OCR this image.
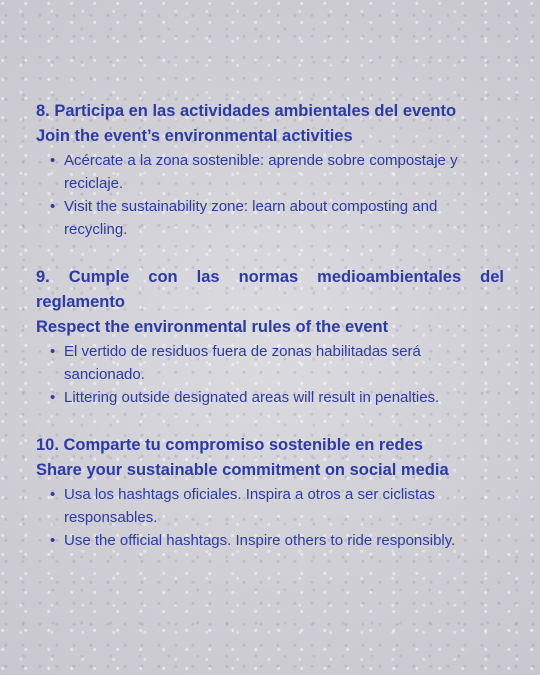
8. Participa en las actividades ambientales del evento

Join the event’s environmental activities

• Acércate a la zona sostenible: aprende sobre compostaje y reciclaje.
• Visit the sustainability zone: learn about composting and recycling.

9. Cumple con las normas medioambientales del reglamento

Respect the environmental rules of the event

• El vertido de residuos fuera de zonas habilitadas será sancionado.
• Littering outside designated areas will result in penalties.

10. Comparte tu compromiso sostenible en redes

Share your sustainable commitment on social media

• Usa los hashtags oficiales. Inspira a otros a ser ciclistas responsables.
• Use the official hashtags. Inspire others to ride responsibly.
